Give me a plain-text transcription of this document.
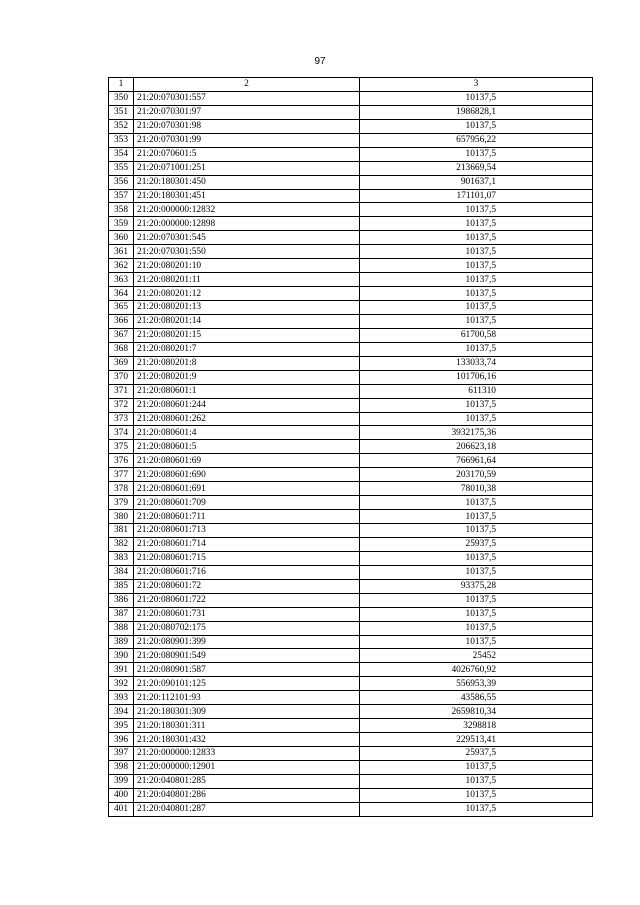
97
1	2	3
350	21:20:070301:557	10137,5
351	21:20:070301:97	1986828,1
352	21:20:070301:98	10137,5
353	21:20:070301:99	657956,22
354	21:20:070601:5	10137,5
355	21:20:071001:251	213669,54
356	21:20:180301:450	901637,1
357	21:20:180301:451	171101,07
358	21:20:000000:12832	10137,5
359	21:20:000000:12898	10137,5
360	21:20:070301:545	10137,5
361	21:20:070301:550	10137,5
362	21:20:080201:10	10137,5
363	21:20:080201:11	10137,5
364	21:20:080201:12	10137,5
365	21:20:080201:13	10137,5
366	21:20:080201:14	10137,5
367	21:20:080201:15	61700,58
368	21:20:080201:7	10137,5
369	21:20:080201:8	133033,74
370	21:20:080201:9	101706,16
371	21:20:080601:1	611310
372	21:20:080601:244	10137,5
373	21:20:080601:262	10137,5
374	21:20:080601:4	3932175,36
375	21:20:080601:5	206623,18
376	21:20:080601:69	766961,64
377	21:20:080601:690	203170,59
378	21:20:080601:691	78010,38
379	21:20:080601:709	10137,5
380	21:20:080601:711	10137,5
381	21:20:080601:713	10137,5
382	21:20:080601:714	25937,5
383	21:20:080601:715	10137,5
384	21:20:080601:716	10137,5
385	21:20:080601:72	93375,28
386	21:20:080601:722	10137,5
387	21:20:080601:731	10137,5
388	21:20:080702:175	10137,5
389	21:20:080901:399	10137,5
390	21:20:080901:549	25452
391	21:20:080901:587	4026760,92
392	21:20:090101:125	556953,39
393	21:20:112101:93	43586,55
394	21:20:180301:309	2659810,34
395	21:20:180301:311	3298818
396	21:20:180301:432	229513,41
397	21:20:000000:12833	25937,5
398	21:20:000000:12901	10137,5
399	21:20:040801:285	10137,5
400	21:20:040801:286	10137,5
401	21:20:040801:287	10137,5
